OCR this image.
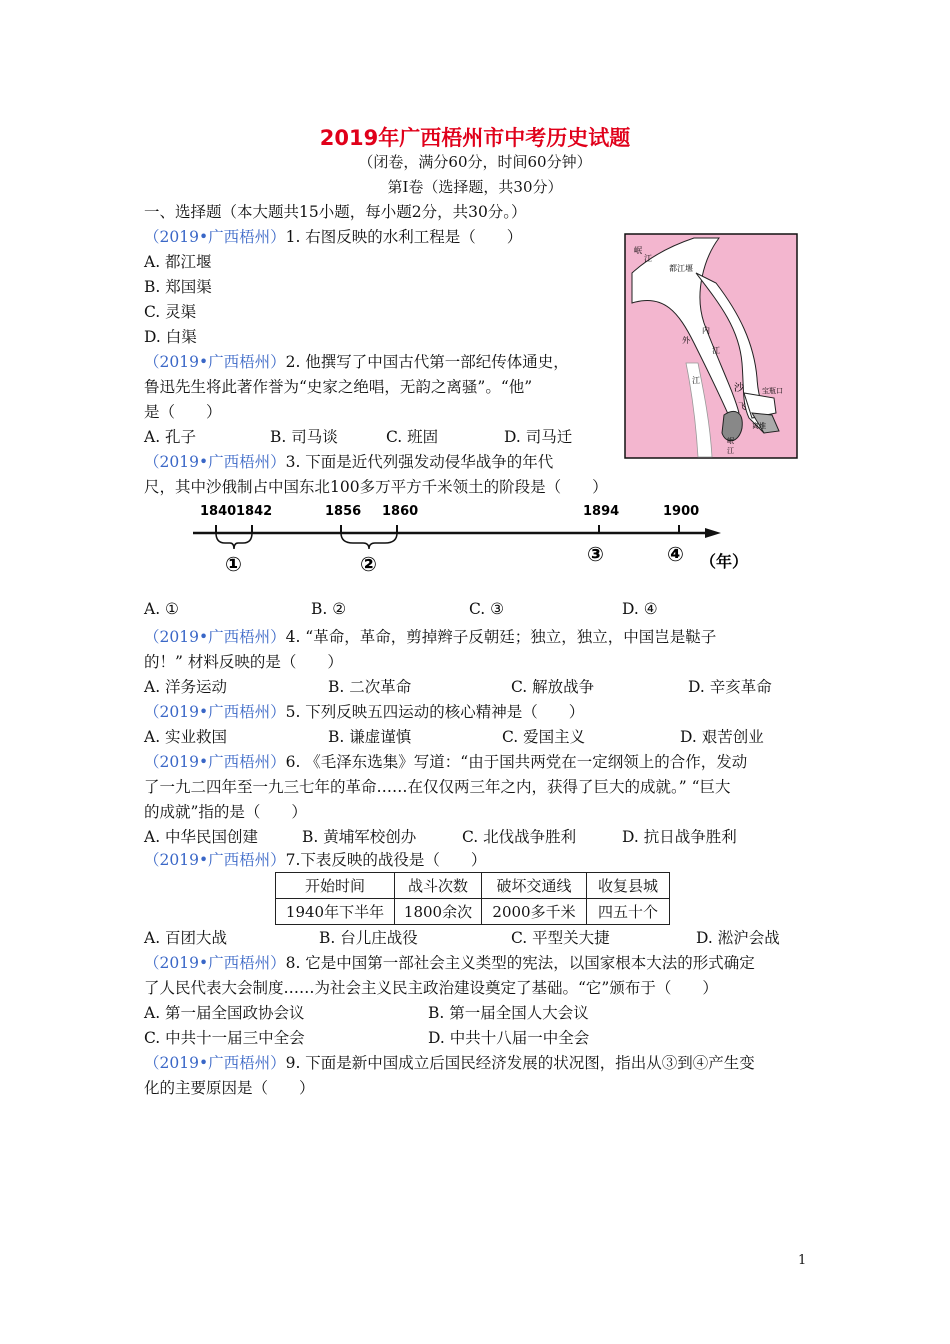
2019年广西梧州市中考历史试题
（闭卷，满分60分，时间60分钟）
第Ⅰ卷（选择题，共30分）
一、选择题（本大题共15小题，每小题2分，共30分。）
（2019•广西梧州）1. 右图反映的水利工程是（　　）
A. 都江堰
B. 郑国渠
C. 灵渠
D. 白渠
岷
江
都江堰
内
外
江
江
沙	宝瓶口
飞
离堆
岷
江
（2019•广西梧州）2. 他撰写了中国古代第一部纪传体通史，
鲁迅先生将此著作誉为“史家之绝唱，无韵之离骚”。“他”
是（　　）
A. 孔子	B. 司马谈	C. 班固	D. 司马迁
（2019•广西梧州）3. 下面是近代列强发动侵华战争的年代
尺，其中沙俄制占中国东北100多万平方千米领土的阶段是（　　）
1840 1842	1856 1860	1894	1900
①	②	③	④ （年）
A. ①	B. ②	C. ③	D. ④
（2019•广西梧州）4. “革命，革命，剪掉辫子反朝廷；独立，独立，中国岂是鞑子
的！” 材料反映的是（　　）
A. 洋务运动	B. 二次革命	C. 解放战争	D. 辛亥革命
（2019•广西梧州）5. 下列反映五四运动的核心精神是（　　）
A. 实业救国	B. 谦虚谨慎	C. 爱国主义	D. 艰苦创业
（2019•广西梧州）6. 《毛泽东选集》写道：“由于国共两党在一定纲领上的合作，发动
了一九二四年至一九三七年的革命……在仅仅两三年之内，获得了巨大的成就。” “巨大
的成就”指的是（　　）
A. 中华民国创建	B. 黄埔军校创办	C. 北伐战争胜利	D. 抗日战争胜利
（2019•广西梧州）7.下表反映的战役是（　　）
开始时间	战斗次数	破坏交通线	收复县城
1940年下半年	1800余次	2000多千米	四五十个
A. 百团大战	B. 台儿庄战役	C. 平型关大捷	D. 淞沪会战
（2019•广西梧州）8. 它是中国第一部社会主义类型的宪法，以国家根本大法的形式确定
了人民代表大会制度……为社会主义民主政治建设奠定了基础。“它”颁布于（　　）
A. 第一届全国政协会议	B. 第一届全国人大会议
C. 中共十一届三中全会	D. 中共十八届一中全会
（2019•广西梧州）9. 下面是新中国成立后国民经济发展的状况图，指出从③到④产生变
化的主要原因是（　　）
1
